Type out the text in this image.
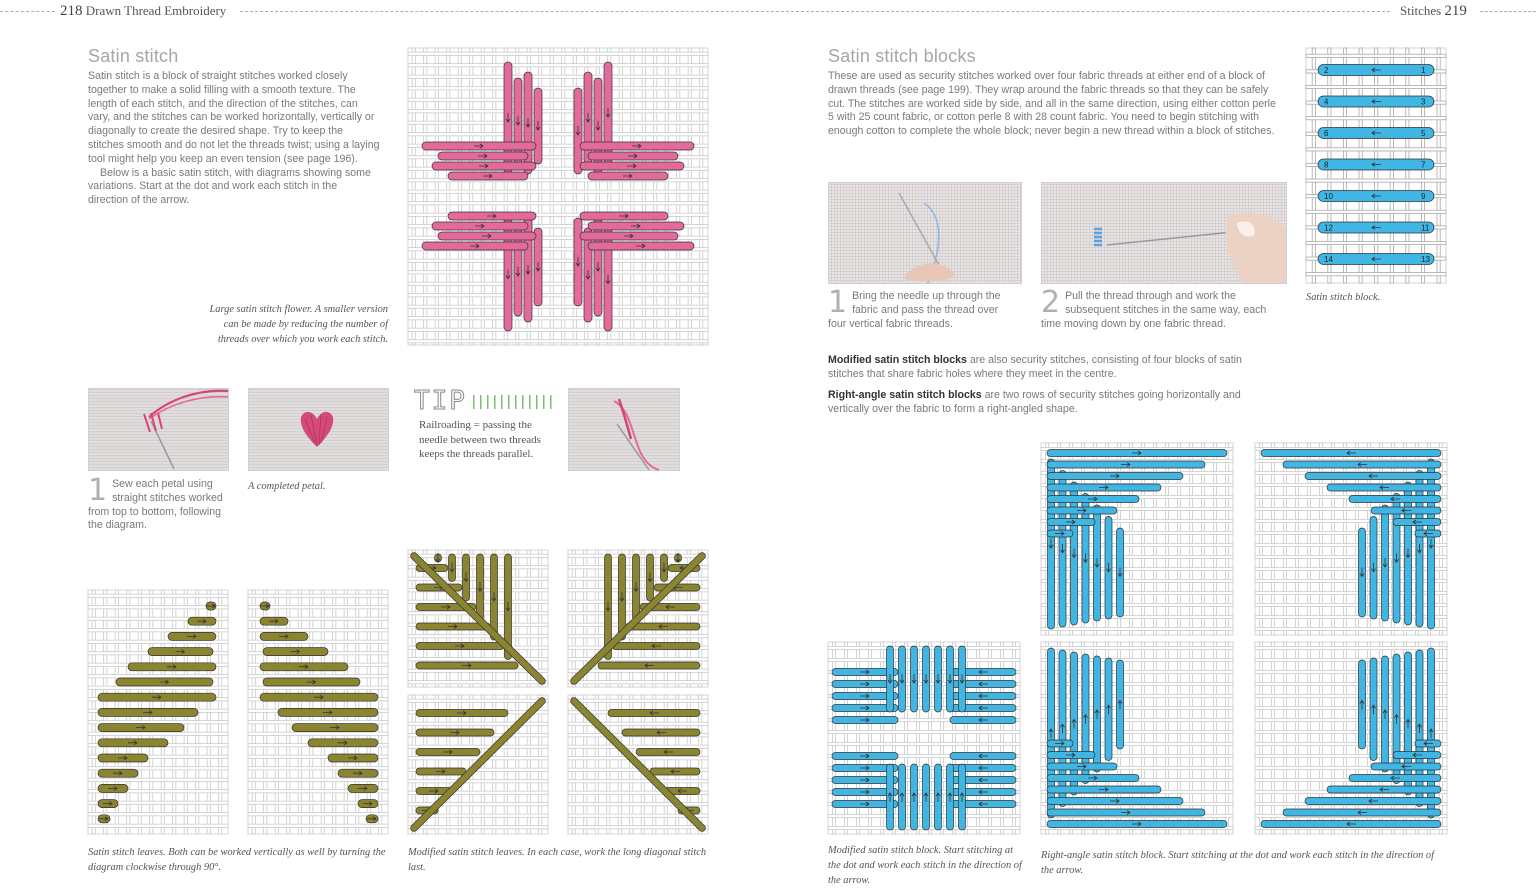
218 Drawn Thread Embroidery	Stitches 219
Satin stitch

Satin stitch is a block of straight stitches worked closely together to make a solid filling with a smooth texture. The length of each stitch, and the direction of the stitches, can vary, and the stitches can be worked horizontally, vertically or diagonally to create the desired shape. Try to keep the stitches smooth and do not let the threads twist; using a laying tool might help you keep an even tension (see page 196).

Below is a basic satin stitch, with diagrams showing some variations. Start at the dot and work each stitch in the direction of the arrow.

Large satin stitch flower. A smaller version can be made by reducing the number of threads over which you work each stitch.
1 Sew each petal using straight stitches worked from top to bottom, following the diagram.
A completed petal.
TIP
Railroading = passing the needle between two threads keeps the threads parallel.
Satin stitch leaves. Both can be worked vertically as well by turning the diagram clockwise through 90°.
Modified satin stitch leaves. In each case, work the long diagonal stitch last.
Satin stitch blocks
These are used as security stitches worked over four fabric threads at either end of a block of drawn threads (see page 199). They wrap around the fabric threads so that they can be safely cut. The stitches are worked side by side, and all in the same direction, using either cotton perle 5 with 25 count fabric, or cotton perle 8 with 28 count fabric. You need to begin stitching with enough cotton to complete the whole block; never begin a new thread within a block of stitches.
1 Bring the needle up through the fabric and pass the thread over four vertical fabric threads.
2 Pull the thread through and work the subsequent stitches in the same way, each time moving down by one fabric thread.
2	1
4	3
6	5
8	7
10	9
12	11
14	13
Satin stitch block.
Modified satin stitch blocks are also security stitches, consisting of four blocks of satin stitches that share fabric holes where they meet in the centre.
Right-angle satin stitch blocks are two rows of security stitches going horizontally and vertically over the fabric to form a right-angled shape.
Modified satin stitch block. Start stitching at the dot and work each stitch in the direction of the arrow.
Right-angle satin stitch block. Start stitching at the dot and work each stitch in the direction of the arrow.
